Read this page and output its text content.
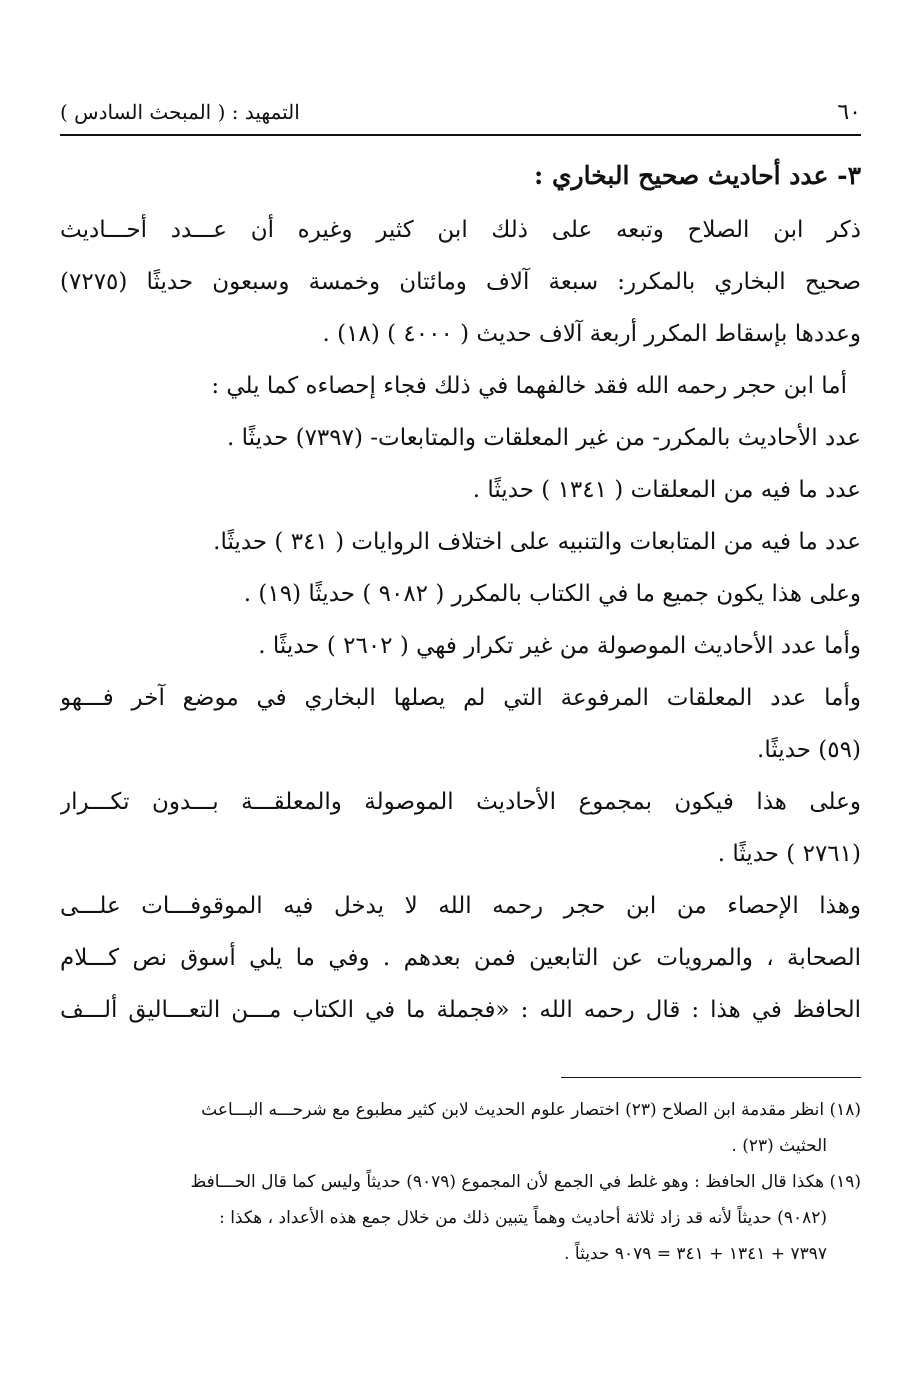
التمهيد : ( المبحث السادس )	٦٠
٣- عدد أحاديث صحيح البخاري :
ذكر ابن الصلاح وتبعه على ذلك ابن كثير وغيره أن عـــدد أحـــاديث
صحيح البخاري بالمكرر: سبعة آلاف ومائتان وخمسة وسبعون حديثًا (٧٢٧٥)
وعددها بإسقاط المكرر أربعة آلاف حديث ( ٤٠٠٠ ) (١٨) .
أما ابن حجر رحمه الله فقد خالفهما في ذلك فجاء إحصاءه كما يلي :
عدد الأحاديث بالمكرر- من غير المعلقات والمتابعات- (٧٣٩٧) حديثًا .
عدد ما فيه من المعلقات ( ١٣٤١ ) حديثًا .
عدد ما فيه من المتابعات والتنبيه على اختلاف الروايات ( ٣٤١ ) حديثًا.
وعلى هذا يكون جميع ما في الكتاب بالمكرر ( ٩٠٨٢ ) حديثًا (١٩) .
وأما عدد الأحاديث الموصولة من غير تكرار فهي ( ٢٦٠٢ ) حديثًا .
وأما عدد المعلقات المرفوعة التي لم يصلها البخاري في موضع آخر فـــهو
(٥٩) حديثًا.
وعلى هذا فيكون بمجموع الأحاديث الموصولة والمعلقـــة بـــدون تكـــرار
(٢٧٦١ ) حديثًا .
وهذا الإحصاء من ابن حجر رحمه الله لا يدخل فيه الموقوفـــات علـــى
الصحابة ، والمرويات عن التابعين فمن بعدهم . وفي ما يلي أسوق نص كـــلام
الحافظ في هذا : قال رحمه الله : «فجملة ما في الكتاب مـــن التعـــاليق ألـــف
(١٨) انظر مقدمة ابن الصلاح (٢٣) اختصار علوم الحديث لابن كثير مطبوع مع شرحـــه البـــاعث
الحثيث (٢٣) .
(١٩) هكذا قال الحافظ : وهو غلط في الجمع لأن المجموع (٩٠٧٩) حديثاً وليس كما قال الحـــافظ
(٩٠٨٢) حديثاً لأنه قد زاد ثلاثة أحاديث وهماً يتبين ذلك من خلال جمع هذه الأعداد ، هكذا :
٧٣٩٧ + ١٣٤١ + ٣٤١ = ٩٠٧٩ حديثاً .
